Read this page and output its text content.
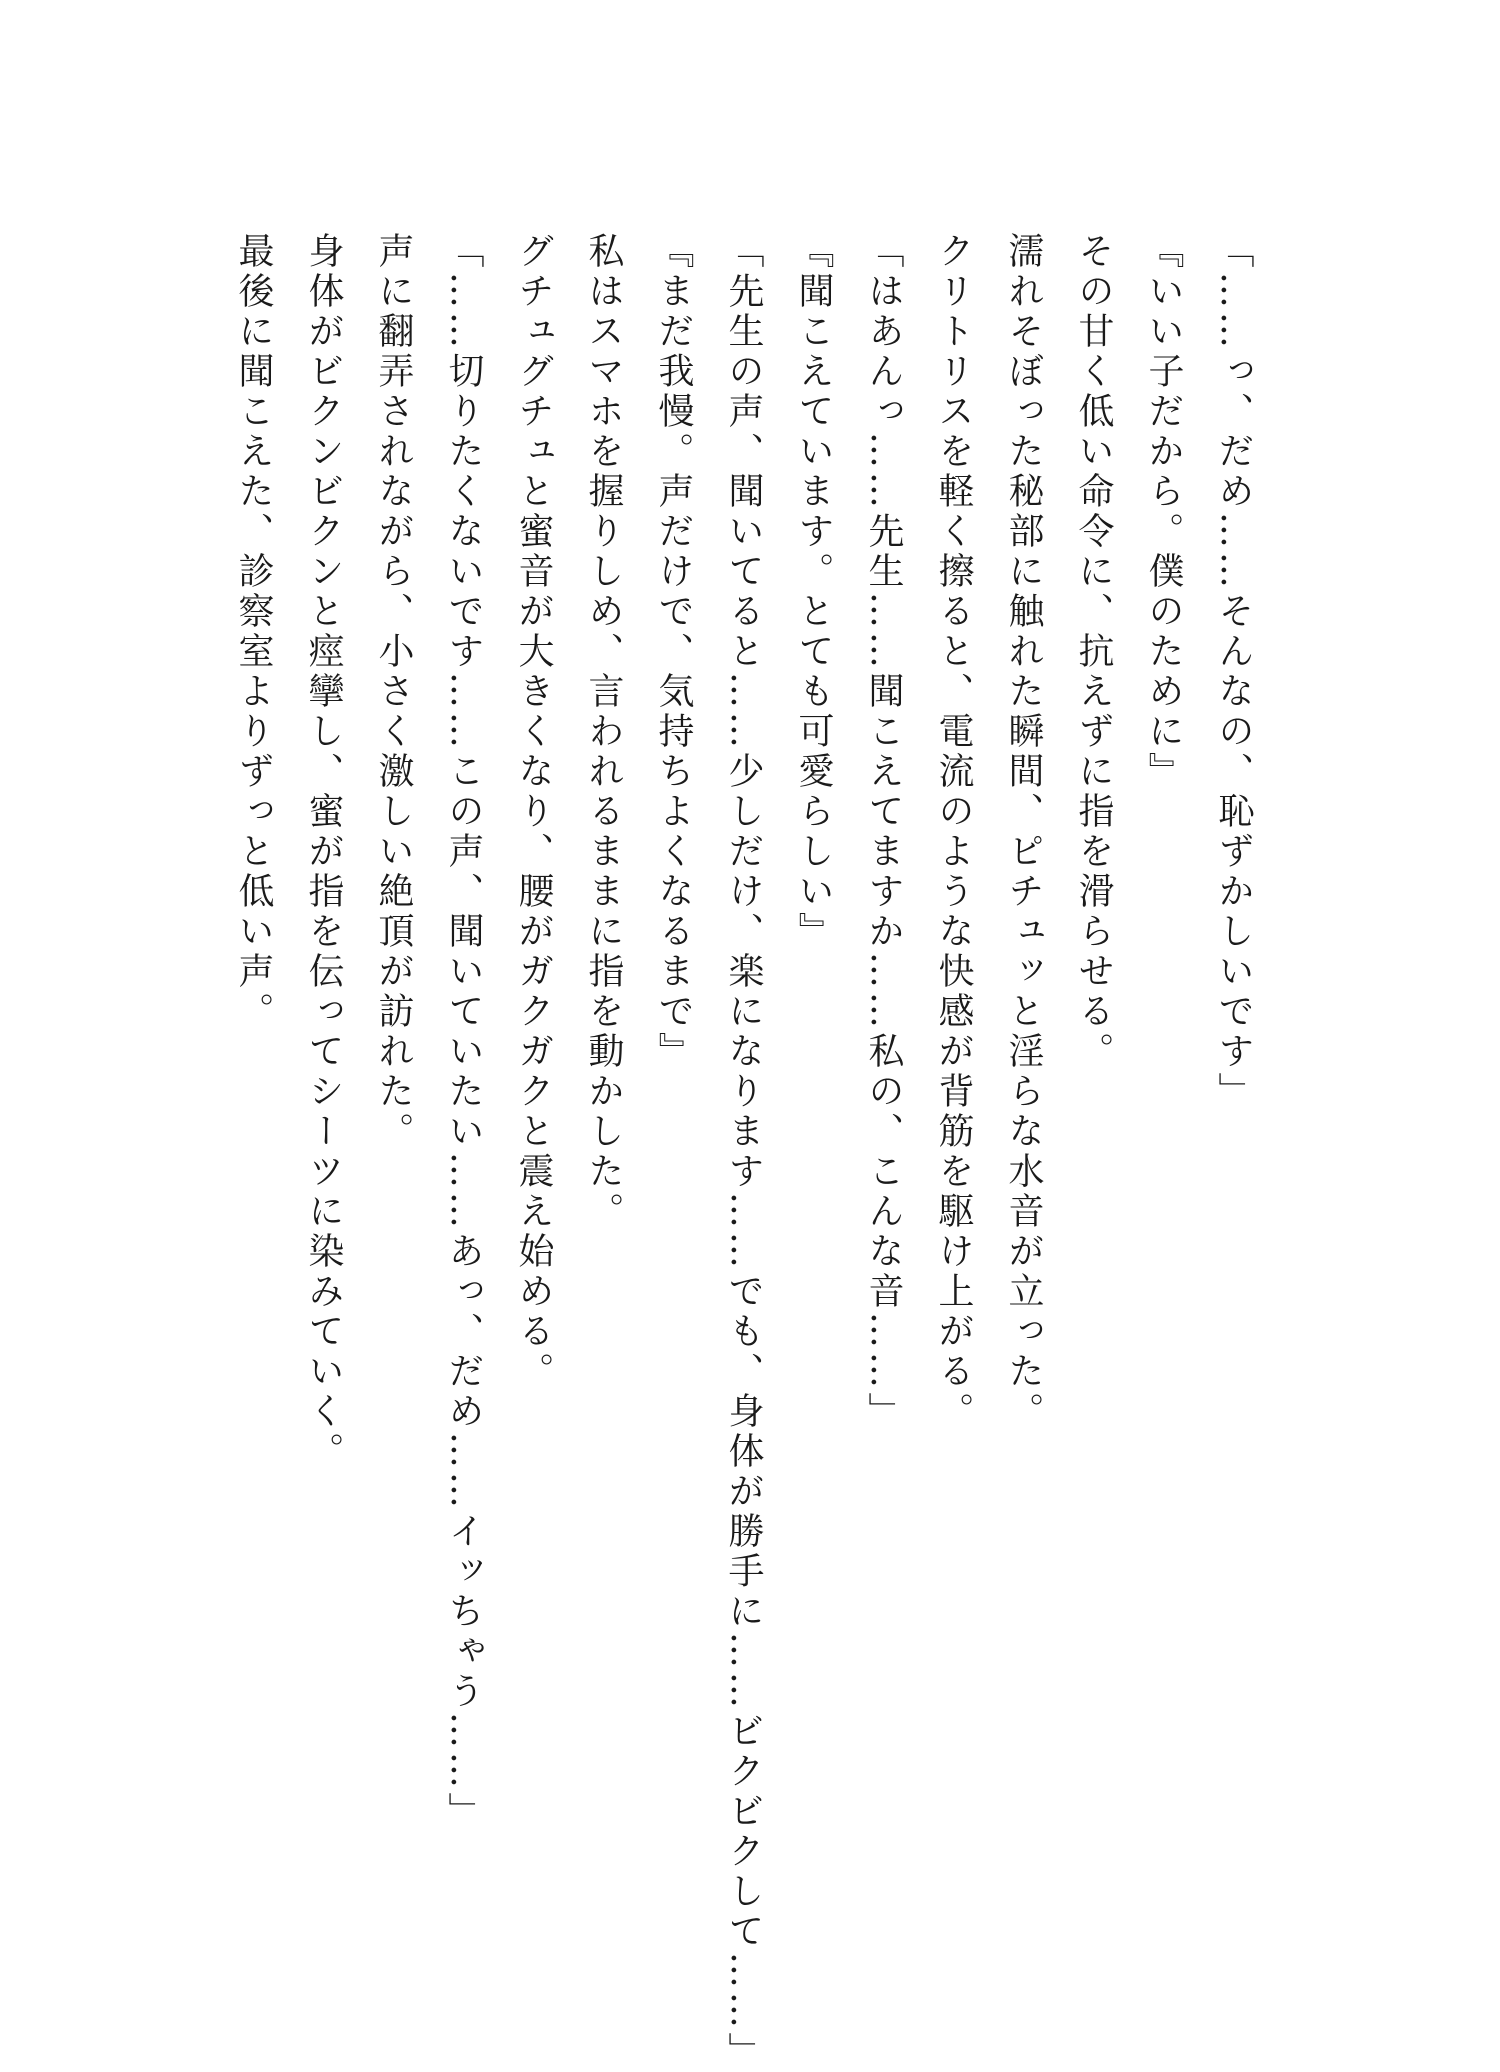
「……っ、だめ……そんなの、恥ずかしいです」
『いい子だから。僕のために』
その甘く低い命令に、抗えずに指を滑らせる。
濡れそぼった秘部に触れた瞬間、ピチュッと淫らな水音が立った。
クリトリスを軽く擦ると、電流のような快感が背筋を駆け上がる。
「はあんっ……先生……聞こえてますか……私の、こんな音……」
『聞こえています。とても可愛らしい』
「先生の声、聞いてると……少しだけ、楽になります……でも、身体が勝手に……ビクビクして……」
『まだ我慢。声だけで、気持ちよくなるまで』
私はスマホを握りしめ、言われるままに指を動かした。
グチュグチュと蜜音が大きくなり、腰がガクガクと震え始める。
「……切りたくないです……この声、聞いていたい……あっ、だめ……イッちゃう……」
声に翻弄されながら、小さく激しい絶頂が訪れた。
身体がビクンビクンと痙攣し、蜜が指を伝ってシーツに染みていく。
最後に聞こえた、診察室よりずっと低い声。
